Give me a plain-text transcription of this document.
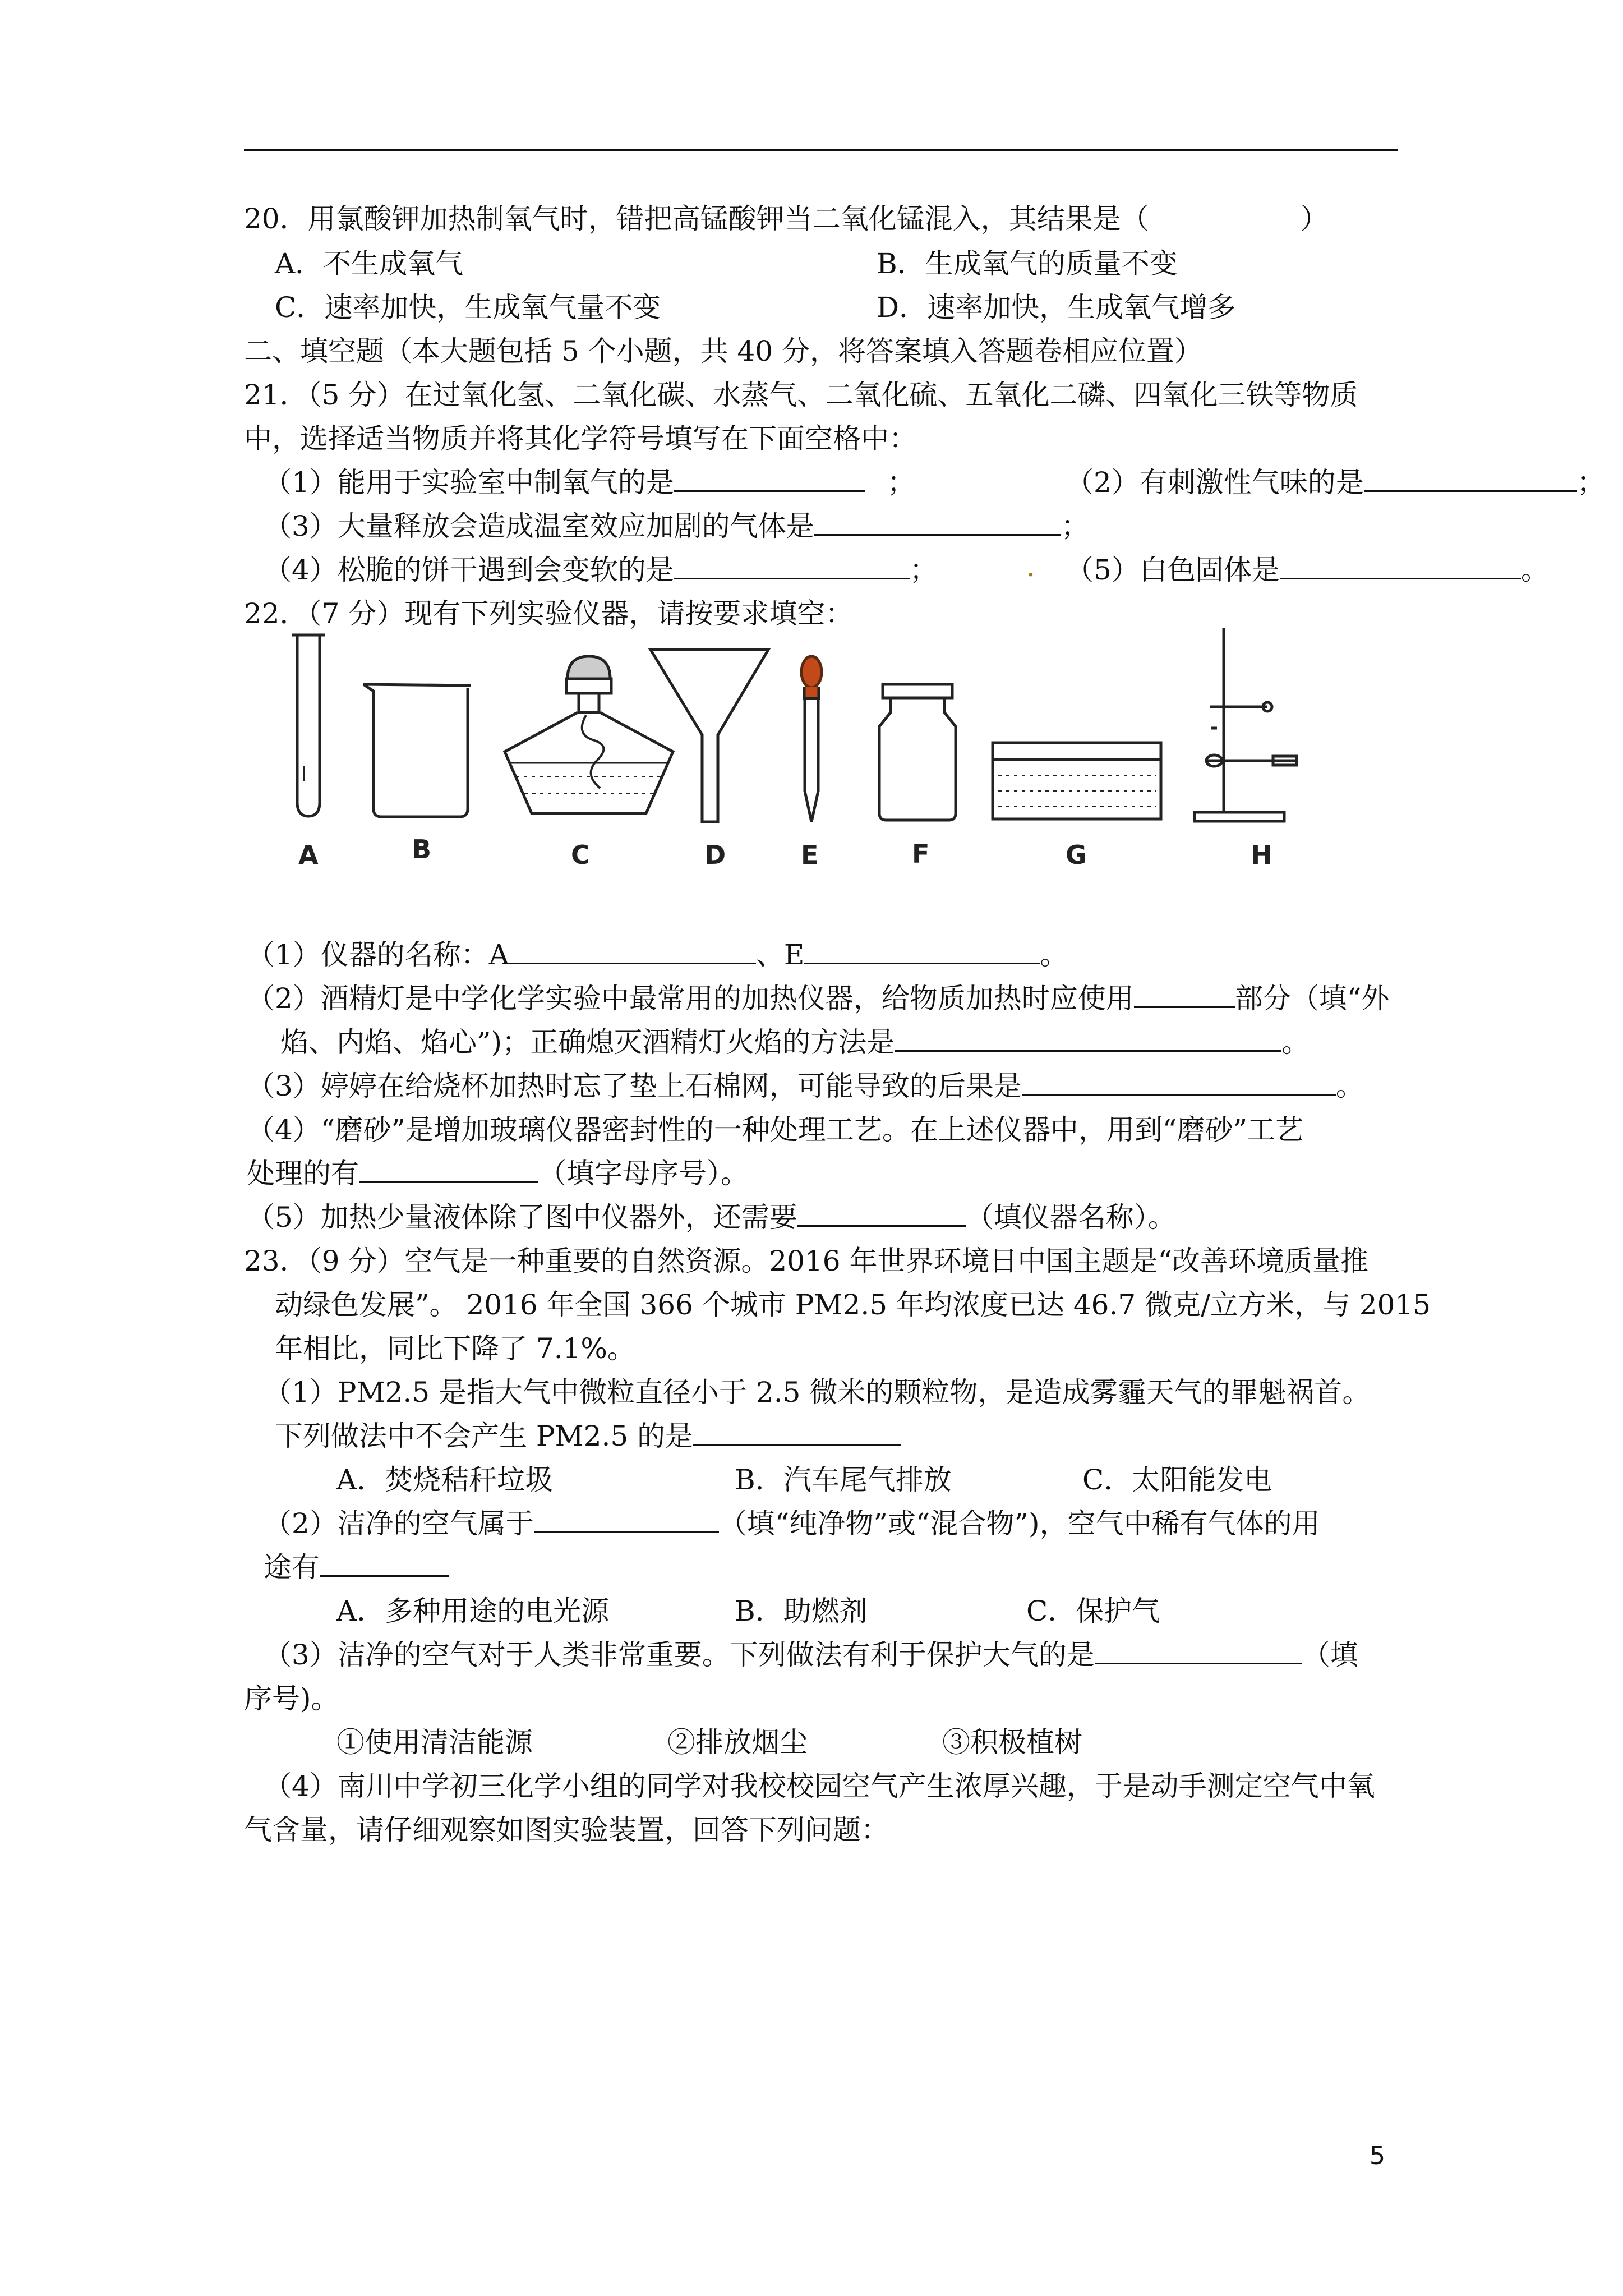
20．用氯酸钾加热制氧气时，错把高锰酸钾当二氧化锰混入，其结果是（	）
A．不生成氧气	B．生成氧气的质量不变
C．速率加快，生成氧气量不变	D．速率加快，生成氧气增多
二、填空题（本大题包括 5 个小题，共 40 分，将答案填入答题卷相应位置）
21．（5 分）在过氧化氢、二氧化碳、水蒸气、二氧化硫、五氧化二磷、四氧化三铁等物质
中，选择适当物质并将其化学符号填写在下面空格中：
（1）能用于实验室中制氧气的是	；	（2）有刺激性气味的是	；
（3）大量释放会造成温室效应加剧的气体是	；
（4）松脆的饼干遇到会变软的是	；	. （5）白色固体是	。
22．（7 分）现有下列实验仪器，请按要求填空：
A	B	C	D	E	F	G	H
（1）仪器的名称：A	、E	。
（2）酒精灯是中学化学实验中最常用的加热仪器，给物质加热时应使用	部分（填“外
焰、内焰、焰心”)；正确熄灭酒精灯火焰的方法是	。
（3）婷婷在给烧杯加热时忘了垫上石棉网，可能导致的后果是	。
（4）“磨砂”是增加玻璃仪器密封性的一种处理工艺。在上述仪器中，用到“磨砂”工艺
处理的有	（填字母序号）。
（5）加热少量液体除了图中仪器外，还需要	（填仪器名称）。
23．（9 分）空气是一种重要的自然资源。2016 年世界环境日中国主题是“改善环境质量推
动绿色发展”。 2016 年全国 366 个城市 PM2.5 年均浓度已达 46.7 微克/立方米，与 2015
年相比，同比下降了 7.1%。
（1）PM2.5 是指大气中微粒直径小于 2.5 微米的颗粒物，是造成雾霾天气的罪魁祸首。
下列做法中不会产生 PM2.5 的是
A．焚烧秸秆垃圾	B．汽车尾气排放	C．太阳能发电
（2）洁净的空气属于	（填“纯净物”或“混合物”)，空气中稀有气体的用
途有
A．多种用途的电光源	B．助燃剂	C．保护气
（3）洁净的空气对于人类非常重要。下列做法有利于保护大气的是	（填
序号)。
①使用清洁能源	②排放烟尘	③积极植树
（4）南川中学初三化学小组的同学对我校校园空气产生浓厚兴趣，于是动手测定空气中氧
气含量，请仔细观察如图实验装置，回答下列问题：
5
